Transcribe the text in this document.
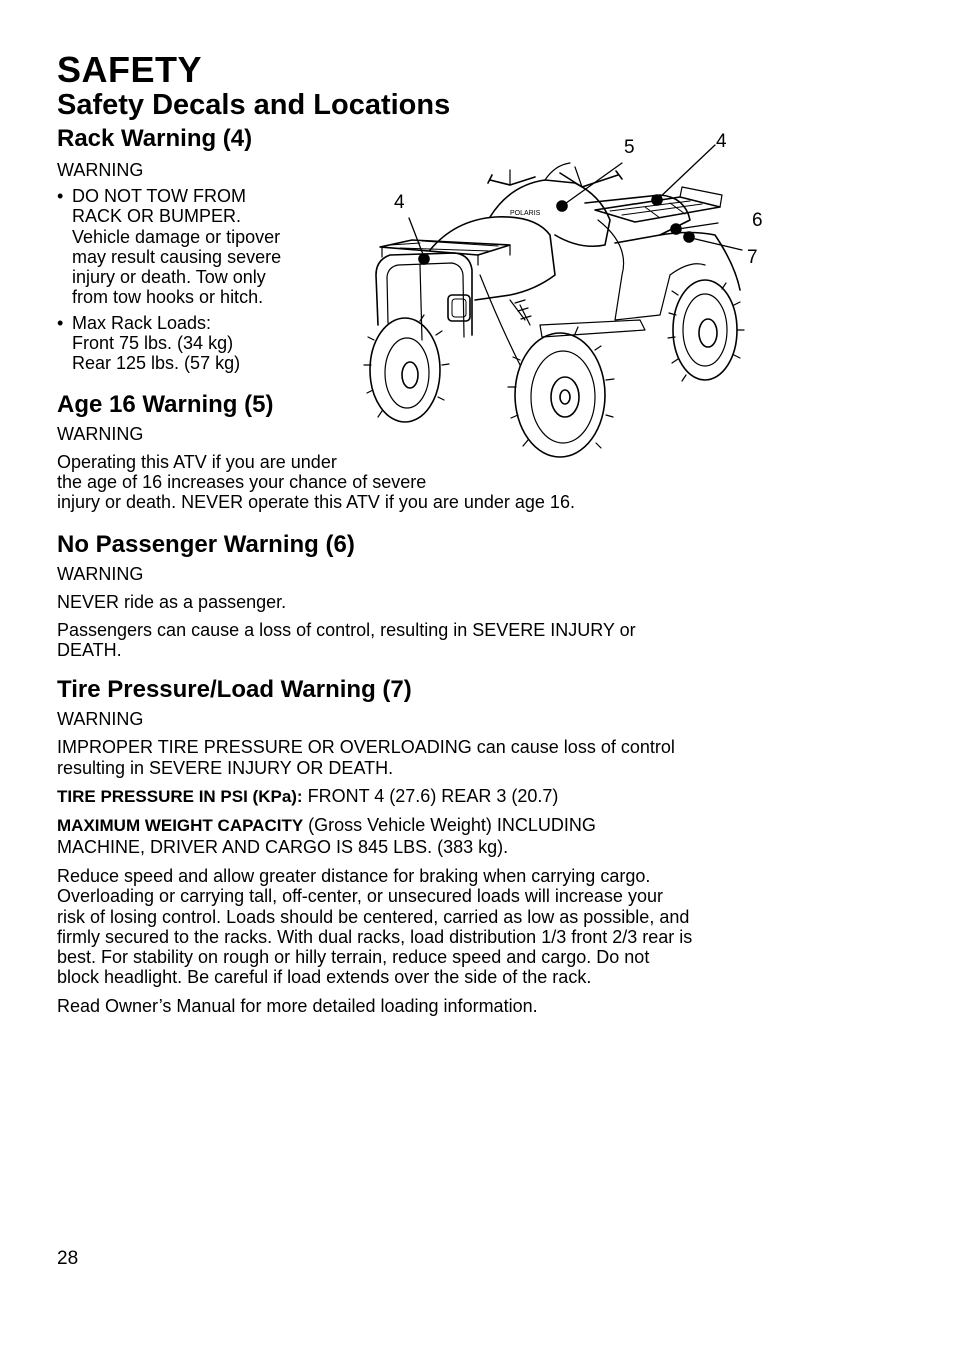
SAFETY
Safety Decals and Locations
Rack Warning (4)
WARNING
• DO NOT TOW FROM
RACK OR BUMPER.
Vehicle damage or tipover
may result causing severe
injury or death. Tow only
from tow hooks or hitch.
• Max Rack Loads:
Front 75 lbs. (34 kg)
Rear 125 lbs. (57 kg)
Age 16 Warning (5)
WARNING

Operating this ATV if you are under
the age of 16 increases your chance of severe
injury or death. NEVER operate this ATV if you are under age 16.

No Passenger Warning (6)
WARNING

NEVER ride as a passenger.

Passengers can cause a loss of control, resulting in SEVERE INJURY or
DEATH.

Tire Pressure/Load Warning (7)
WARNING

IMPROPER TIRE PRESSURE OR OVERLOADING can cause loss of control
resulting in SEVERE INJURY OR DEATH.

TIRE PRESSURE IN PSI (KPa): FRONT 4 (27.6) REAR 3 (20.7)

MAXIMUM WEIGHT CAPACITY (Gross Vehicle Weight) INCLUDING
MACHINE, DRIVER AND CARGO IS 845 LBS. (383 kg).

Reduce speed and allow greater distance for braking when carrying cargo.
Overloading or carrying tall, off-center, or unsecured loads will increase your
risk of losing control. Loads should be centered, carried as low as possible, and
firmly secured to the racks. With dual racks, load distribution 1/3 front 2/3 rear is
best. For stability on rough or hilly terrain, reduce speed and cargo. Do not
block headlight. Be careful if load extends over the side of the rack.

Read Owner’s Manual for more detailed loading information.

POLARIS
5	4
4
6
7
28
